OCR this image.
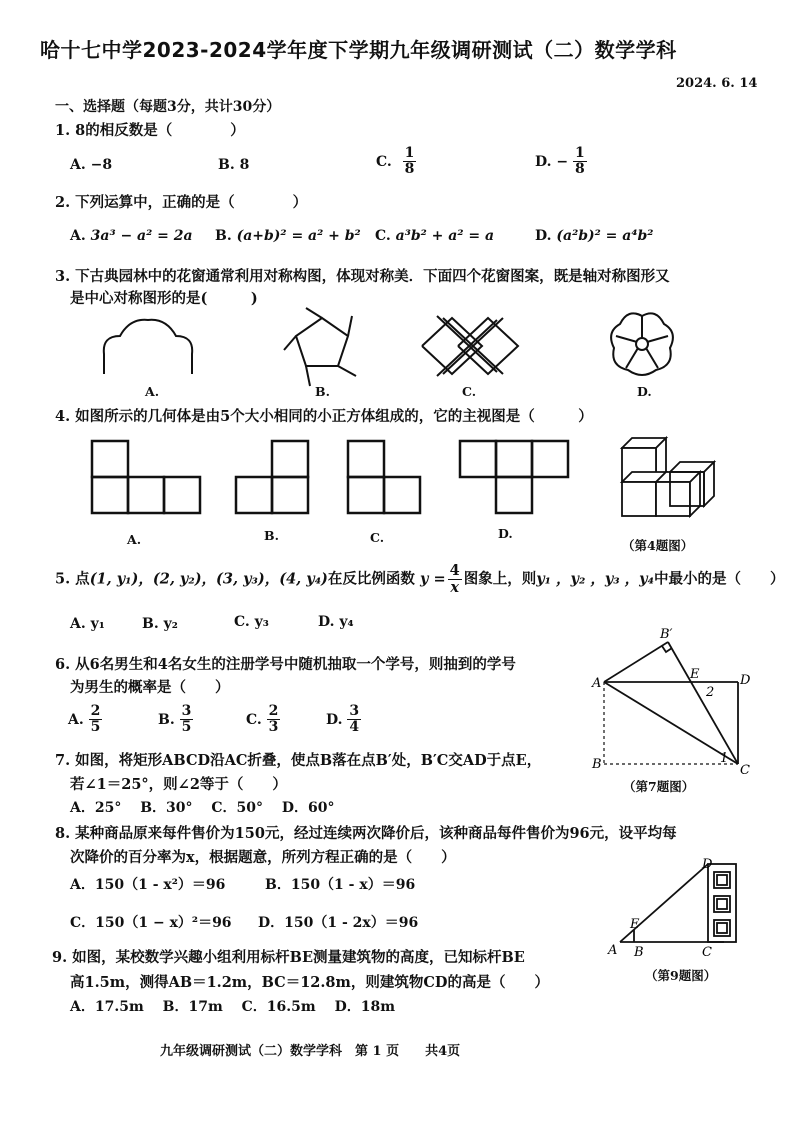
哈十七中学2023-2024学年度下学期九年级调研测试（二）数学学科
2024. 6. 14
一、选择题（每题3分，共计30分）
1. 8的相反数是（　　　　）
A. −8	B. 8	C. $\frac{1}{8}$	D. − $\frac{1}{8}$
2. 下列运算中，正确的是（　　　　）
A. 3a³ − a² = 2a B. (a+b)² = a² + b² C. a³b² + a² = a	D. (a²b)² = a⁴b²
3. 下古典园林中的花窗通常利用对称构图，体现对称美．下面四个花窗图案，既是轴对称图形又
是中心对称图形的是(　　　)
A.	B.	C.	D.
4. 如图所示的几何体是由5个大小相同的小正方体组成的，它的主视图是（　　　）
A.	B.	C.	D.
（第4题图）
5. 点(1, y₁)，(2, y₂)，(3, y₃)，(4, y₄)在反比例函数 $y = \frac{4}{x}$ 图象上，则y₁ ，y₂ ，y₃ ，y₄中最小的是（　　）
A. y₁	B. y₂	C. y₃	D. y₄
6. 从6名男生和4名女生的注册学号中随机抽取一个学号，则抽到的学号
为男生的概率是（　　）
A. $\frac{2}{5}$	B. $\frac{3}{5}$	C. $\frac{2}{3}$	D. $\frac{3}{4}$
A
B	C
D
E
B′
2
1
（第7题图）
7. 如图，将矩形ABCD沿AC折叠，使点B落在点B′处，B′C交AD于点E，
若∠1＝25°，则∠2等于（　　）
A．25°　 B．30°　 C．50°　 D．60°
8. 某种商品原来每件售价为150元，经过连续两次降价后，该种商品每件售价为96元，设平均每
次降价的百分率为x，根据题意，所列方程正确的是（　　）
A．150（1 - x²）＝96	B．150（1 - x）＝96
C．150（1 − x）²＝96 D．150（1 - 2x）＝96
A B	C
D
E
（第9题图）
9. 如图，某校数学兴趣小组利用标杆BE测量建筑物的高度，已知标杆BE
高1.5m，测得AB＝1.2m，BC＝12.8m，则建筑物CD的高是（　　）
A．17.5m　 B．17m　 C．16.5m　 D．18m
九年级调研测试（二）数学学科　第 1 页　　共4页
